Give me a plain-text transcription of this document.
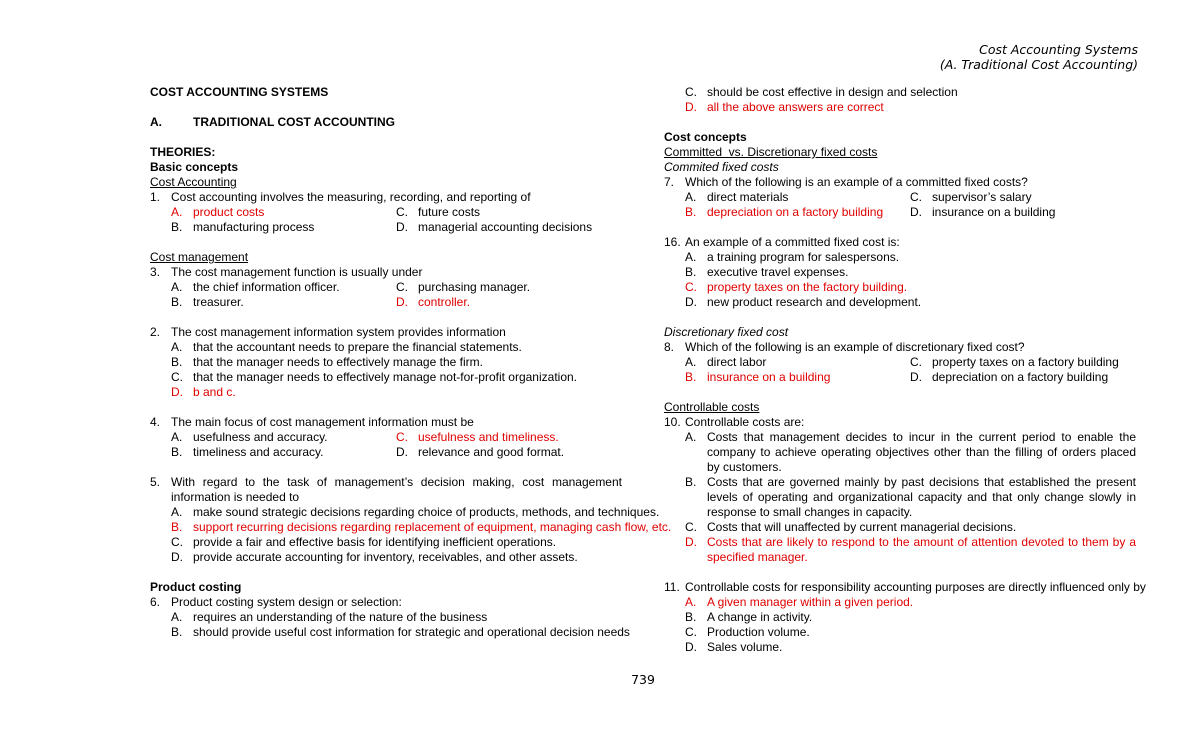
Cost Accounting Systems
(A. Traditional Cost Accounting)
COST ACCOUNTING SYSTEMS
A.	TRADITIONAL COST ACCOUNTING
THEORIES:
Basic concepts
Cost Accounting
1. Cost accounting involves the measuring, recording, and reporting of
A. product costs	C. future costs
B. manufacturing process	D. managerial accounting decisions
Cost management
3. The cost management function is usually under
A. the chief information officer.	C. purchasing manager.
B. treasurer.	D. controller.
2. The cost management information system provides information
A. that the accountant needs to prepare the financial statements.
B. that the manager needs to effectively manage the firm.
C. that the manager needs to effectively manage not-for-profit organization.
D. b and c.
4. The main focus of cost management information must be
A. usefulness and accuracy.	C. usefulness and timeliness.
B. timeliness and accuracy.	D. relevance and good format.
5. With regard to the task of management’s decision making, cost management information is needed to
A. make sound strategic decisions regarding choice of products, methods, and techniques.
B. support recurring decisions regarding replacement of equipment, managing cash flow, etc.
C. provide a fair and effective basis for identifying inefficient operations.
D. provide accurate accounting for inventory, receivables, and other assets.
Product costing
6. Product costing system design or selection:
A. requires an understanding of the nature of the business
B. should provide useful cost information for strategic and operational decision needs
C. should be cost effective in design and selection
D. all the above answers are correct
Cost concepts
Committed  vs. Discretionary fixed costs
Commited fixed costs
7. Which of the following is an example of a committed fixed costs?
A. direct materials	C. supervisor’s salary
B. depreciation on a factory building D. insurance on a building
16. An example of a committed fixed cost is:
A. a training program for salespersons.
B. executive travel expenses.
C. property taxes on the factory building.
D. new product research and development.
Discretionary fixed cost
8. Which of the following is an example of discretionary fixed cost?
A. direct labor	C. property taxes on a factory building
B. insurance on a building	D. depreciation on a factory building
Controllable costs
10. Controllable costs are:
A. Costs that management decides to incur in the current period to enable the company to achieve operating objectives other than the filling of orders placed by customers.
B. Costs that are governed mainly by past decisions that established the present levels of operating and organizational capacity and that only change slowly in response to small changes in capacity.
C. Costs that will unaffected by current managerial decisions.
D. Costs that are likely to respond to the amount of attention devoted to them by a specified manager.
11. Controllable costs for responsibility accounting purposes are directly influenced only by
A. A given manager within a given period.
B. A change in activity.
C. Production volume.
D. Sales volume.
739
